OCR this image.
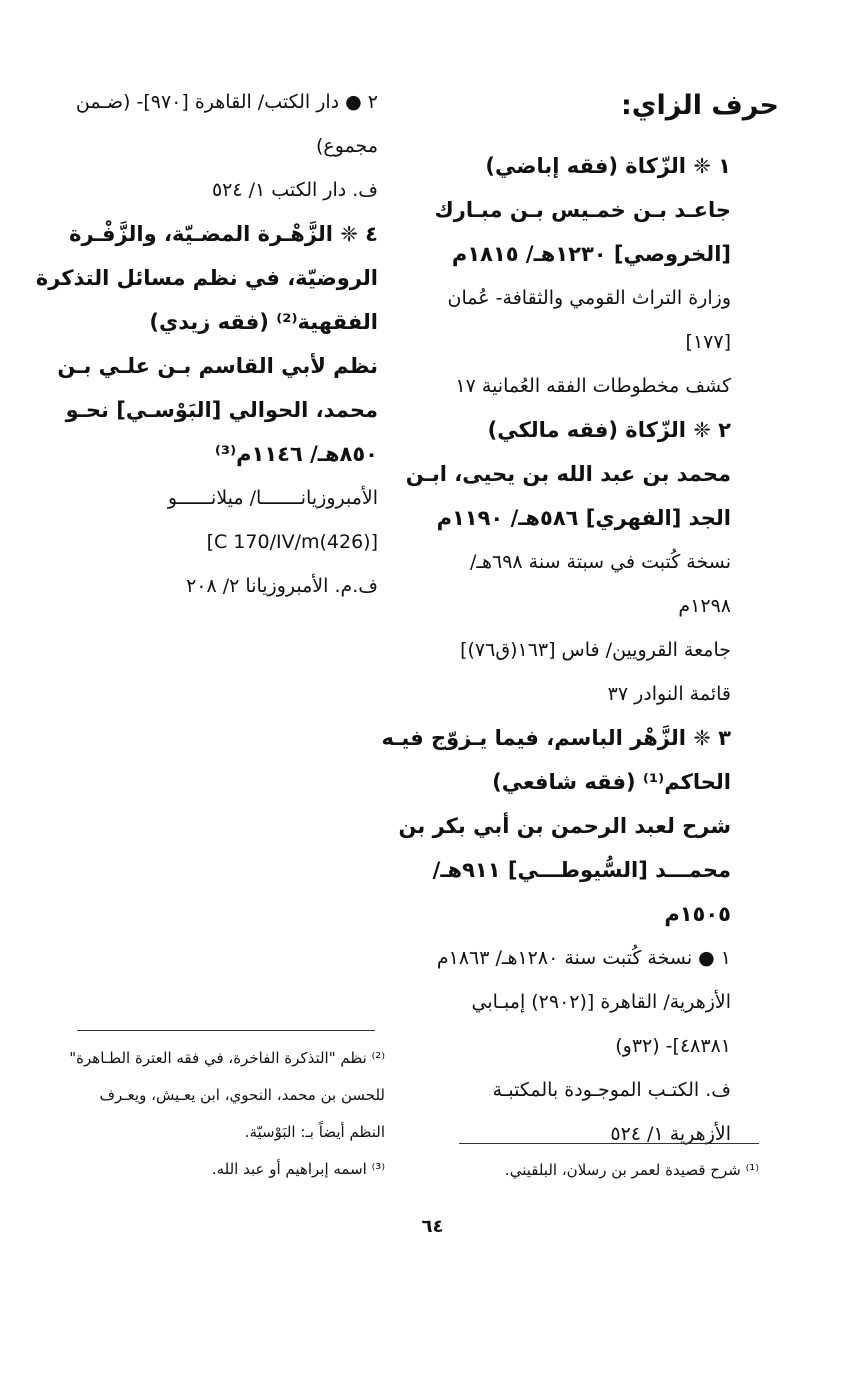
حرف الزاي:
١ ❈ الزّكاة (فقه إباضي)
جاعـد بـن خمـيس بـن مبـارك
[الخروصي] ١٢٣٠هـ/ ١٨١٥م
وزارة التراث القومي والثقافة- عُمان
[١٧٧]
كشف مخطوطات الفقه العُمانية ١٧
٢ ❈ الزّكاة (فقه مالكي)
محمد بن عبد الله بن يحيى، ابـن
الجد [الفهري] ٥٨٦هـ/ ١١٩٠م
نسخة كُتبت في سبتة سنة ٦٩٨هـ/
١٢٩٨م
جامعة القرويين/ فاس [١٦٣(ق٧٦)]
قائمة النوادر ٣٧
٣ ❈ الزَّهْر الباسم، فيما يـزوّج فيـه
الحاكم⁽¹⁾ (فقه شافعي)
شرح لعبد الرحمن بن أبي بكر بن
محمـــد [السُّيوطـــي] ٩١١هـ/
١٥٠٥م
١ ● نسخة كُتبت سنة ١٢٨٠هـ/ ١٨٦٣م
الأزهرية/ القاهرة [(٢٩٠٢) إمبـابي
٤٨٣٨١]- (٣٢و)
ف. الكتـب الموجـودة بالمكتبـة
الأزهرية ١/ ٥٢٤
٢ ● دار الكتب/ القاهرة [٩٧٠]- (ضـمن
مجموع)
ف. دار الكتب ١/ ٥٢٤
٤ ❈ الزَّهْـرة المضـيّة، والزَّفْـرة
الروضيّة، في نظم مسائل التذكرة
الفقهية⁽²⁾ (فقه زيدي)
نظم لأبي القاسم بـن علـي بـن
محمد، الحوالي [البَوْسـي] نحـو
٨٥٠هـ/ ١١٤٦م⁽³⁾
الأمبروزيانـــــــا/ ميلانــــــو
[(426)C 170/IV/m]
ف.م. الأمبروزيانا ٢/ ٢٠٨
⁽²⁾ نظم "التذكرة الفاخرة، في فقه العترة الطـاهرة"
للحسن بن محمد، النحوي، ابن يعـيش، ويعـرف
النظم أيضاً بـ: البَوْسيّة.
⁽³⁾ اسمه إبراهيم أو عبد الله.	⁽¹⁾ شرح قصيدة لعمر بن رسلان، البلقيني.
٦٤
